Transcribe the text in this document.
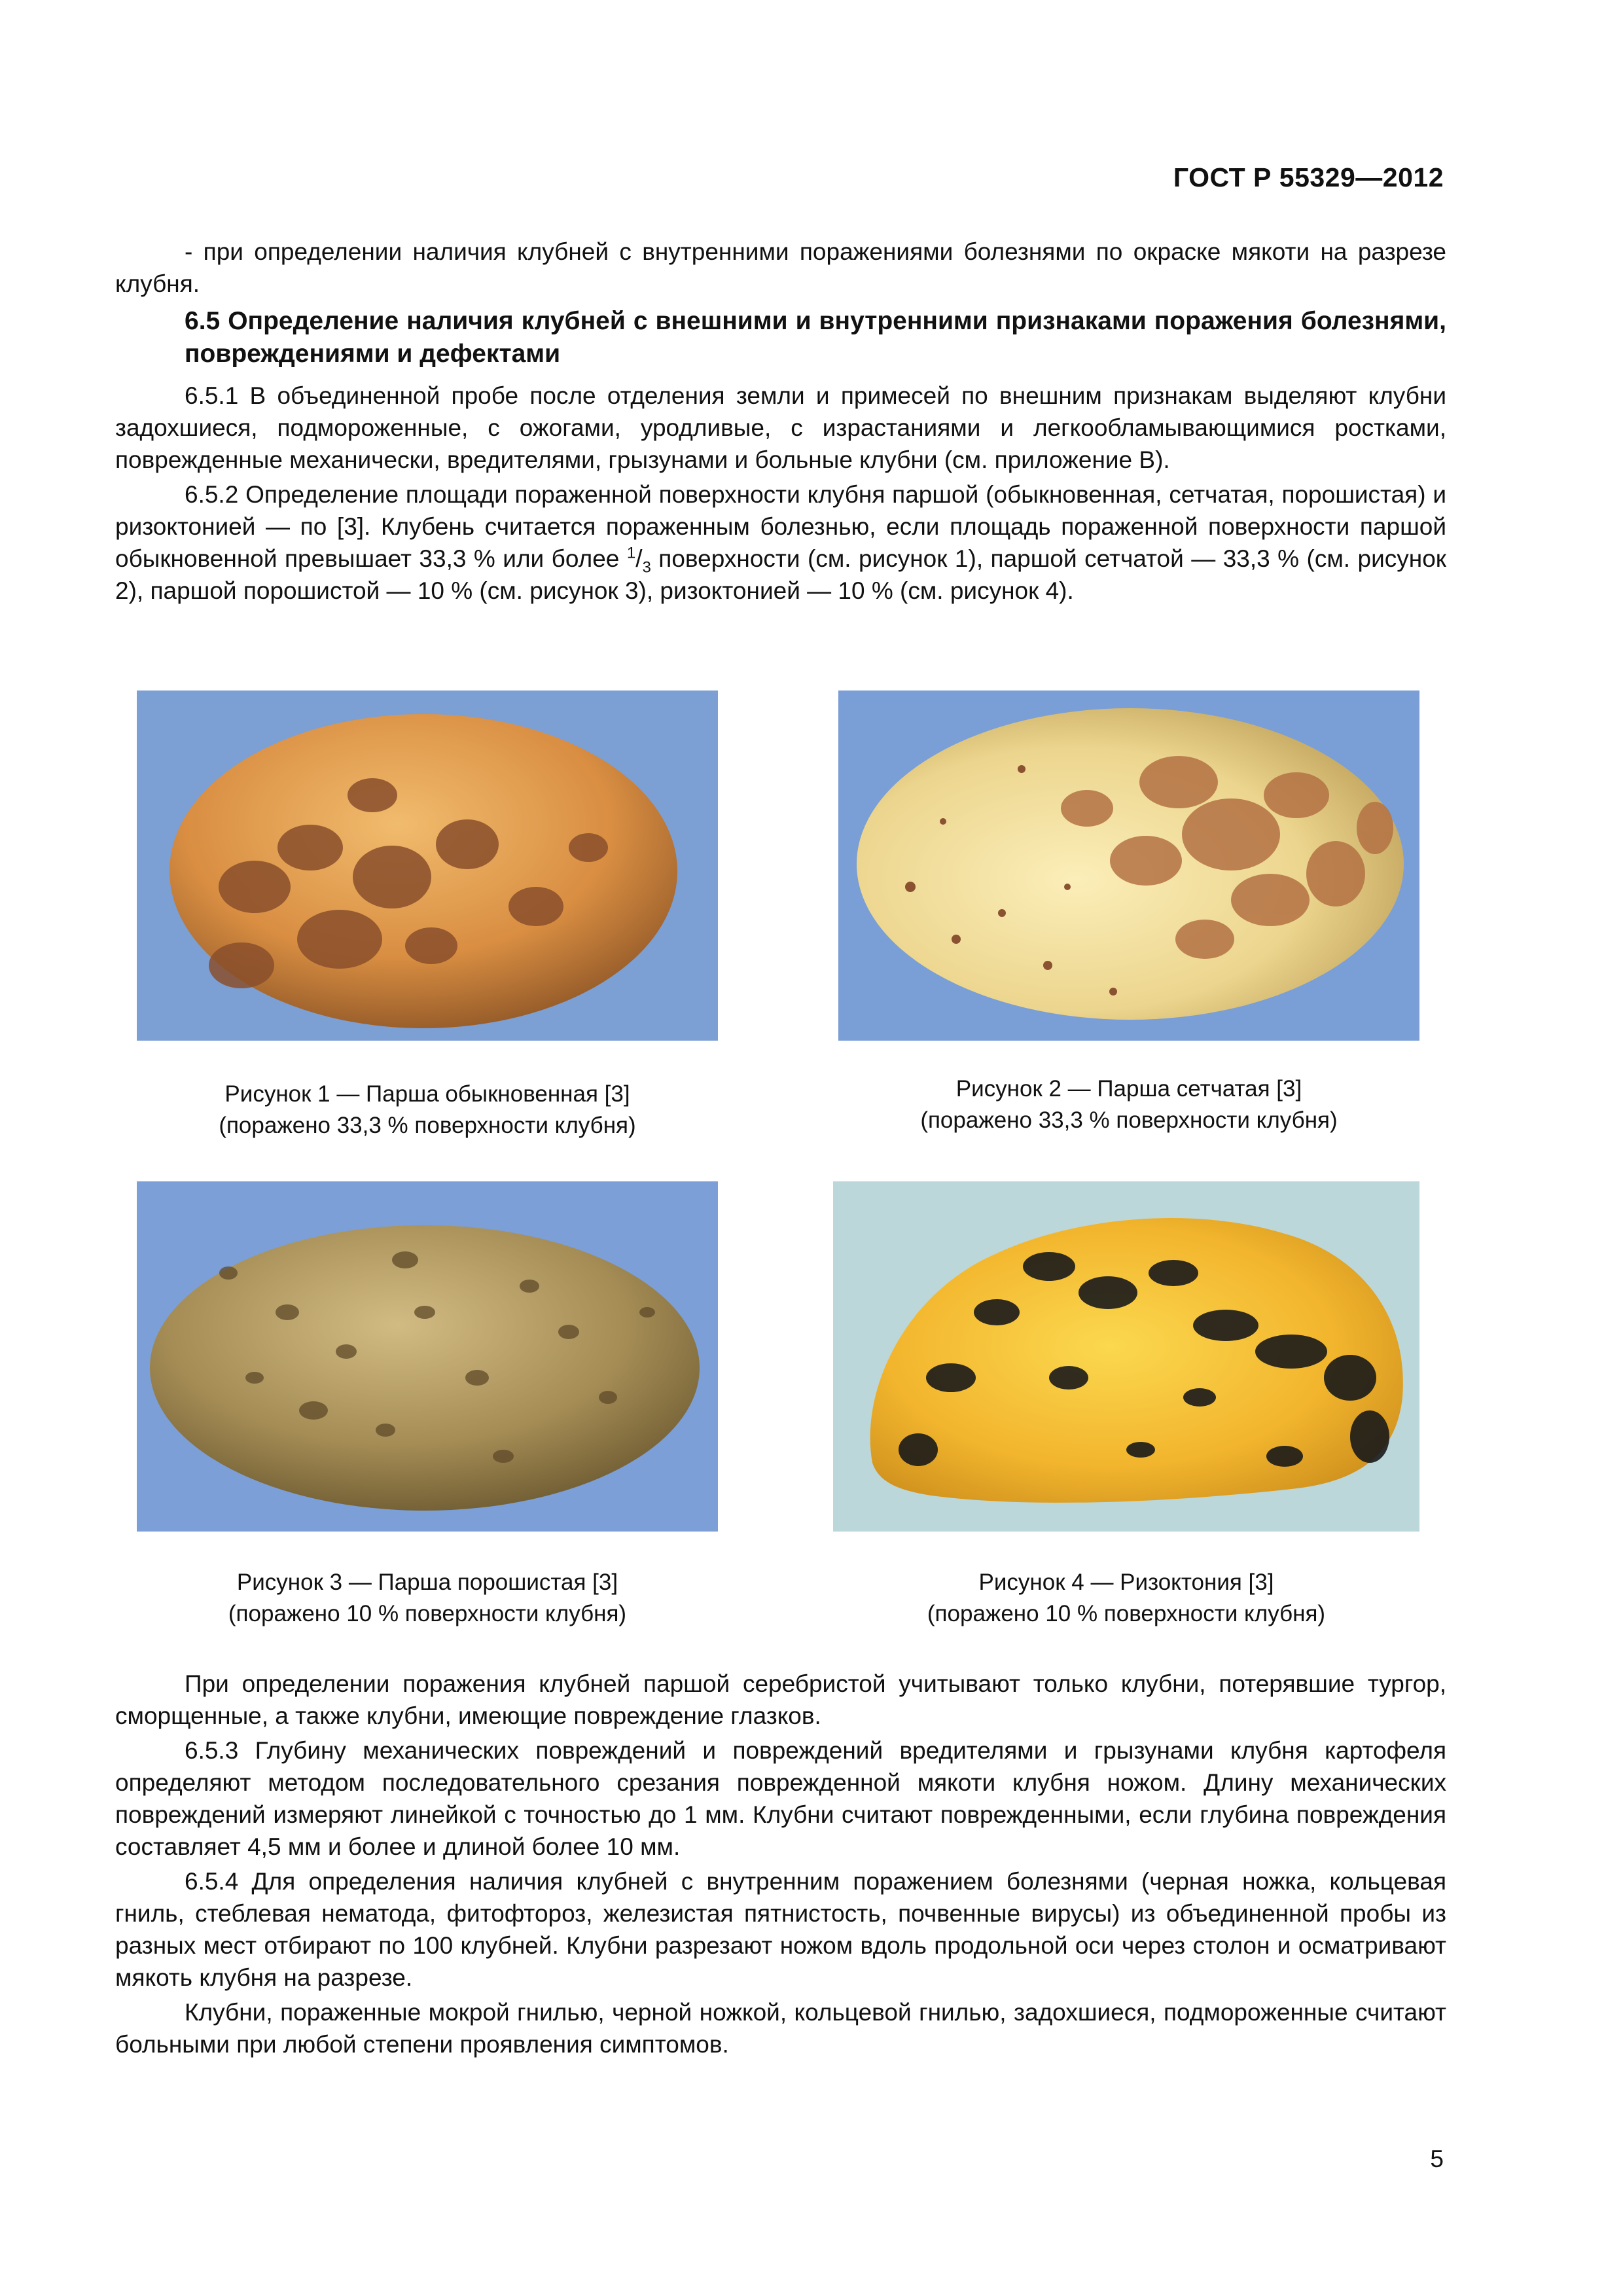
ГОСТ Р 55329—2012

- при определении наличия клубней с внутренними поражениями болезнями по окраске мякоти на разрезе клубня.

6.5 Определение наличия клубней с внешними и внутренними признаками поражения болезнями, повреждениями и дефектами

6.5.1 В объединенной пробе после отделения земли и примесей по внешним признакам выделяют клубни задохшиеся, подмороженные, с ожогами, уродливые, с израстаниями и легкообламывающимися ростками, поврежденные механически, вредителями, грызунами и больные клубни (см. приложение В).

6.5.2 Определение площади пораженной поверхности клубня паршой (обыкновенная, сетчатая, порошистая) и ризоктонией — по [3]. Клубень считается пораженным болезнью, если площадь пораженной поверхности паршой обыкновенной превышает 33,3 % или более $^1/_3$ поверхности (см. рисунок 1), паршой сетчатой — 33,3 % (см. рисунок 2), паршой порошистой — 10 % (см. рисунок 3), ризоктонией — 10 % (см. рисунок 4).

Рисунок 1 — Парша обыкновенная [3]
(поражено 33,3 % поверхности клубня)
Рисунок 2 — Парша сетчатая [3]
(поражено 33,3 % поверхности клубня)
Рисунок 3 — Парша порошистая [3]
(поражено 10 % поверхности клубня)
Рисунок 4 — Ризоктония [3]
(поражено 10 % поверхности клубня)

При определении поражения клубней паршой серебристой учитывают только клубни, потерявшие тургор, сморщенные, а также клубни, имеющие повреждение глазков.

6.5.3 Глубину механических повреждений и повреждений вредителями и грызунами клубня картофеля определяют методом последовательного срезания поврежденной мякоти клубня ножом. Длину механических повреждений измеряют линейкой с точностью до 1 мм. Клубни считают поврежденными, если глубина повреждения составляет 4,5 мм и более и длиной более 10 мм.

6.5.4 Для определения наличия клубней с внутренним поражением болезнями (черная ножка, кольцевая гниль, стеблевая нематода, фитофтороз, железистая пятнистость, почвенные вирусы) из объединенной пробы из разных мест отбирают по 100 клубней. Клубни разрезают ножом вдоль продольной оси через столон и осматривают мякоть клубня на разрезе.

Клубни, пораженные мокрой гнилью, черной ножкой, кольцевой гнилью, задохшиеся, подмороженные считают больными при любой степени проявления симптомов.

5
